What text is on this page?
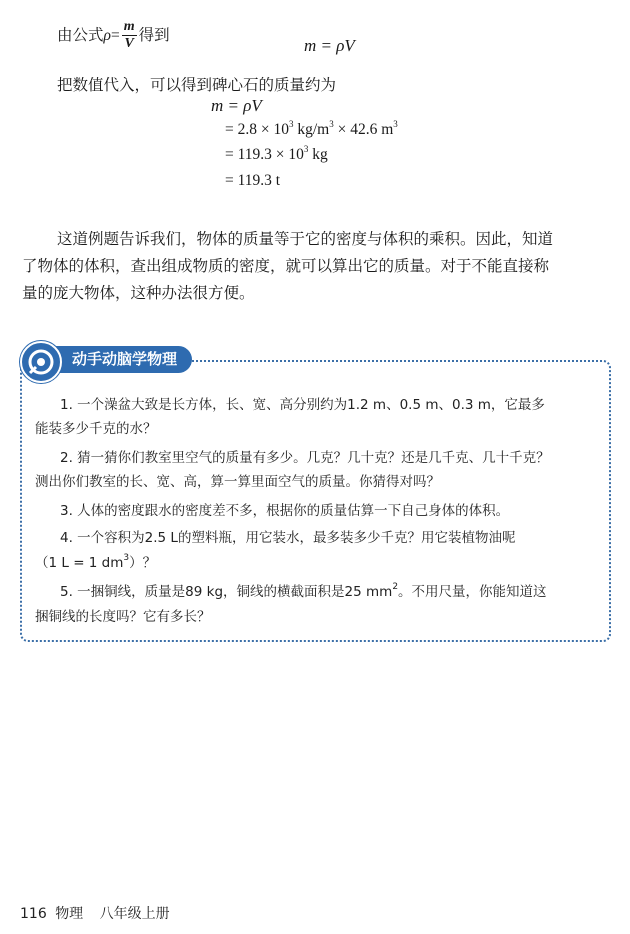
由公式$\rho= \frac{m}{V}$ 得到
m = ρV
把数值代入，可以得到碑心石的质量约为
m = ρV
= $2.8 \times 10^3$ $kg/m^3 \times 42.6$ $m^3$
= $119.3 \times 10^3$ kg
= 119.3 t
这道例题告诉我们，物体的质量等于它的密度与体积的乘积。因此，知道
了物体的体积，查出组成物质的密度，就可以算出它的质量。对于不能直接称
量的庞大物体，这种办法很方便。
动手动脑学物理
1. 一个澡盆大致是长方体，长、宽、高分别约为1.2 m、0.5 m、0.3 m，它最多
能装多少千克的水？
2. 猜一猜你们教室里空气的质量有多少。几克？几十克？还是几千克、几十千克？
测出你们教室的长、宽、高，算一算里面空气的质量。你猜得对吗？
3. 人体的密度跟水的密度差不多，根据你的质量估算一下自己身体的体积。
4. 一个容积为2.5 L的塑料瓶，用它装水，最多装多少千克？用它装植物油呢
（1 L = 1 $dm^3$）？
5. 一捆铜线，质量是89 kg，铜线的横截面积是25 $mm^2$。不用尺量，你能知道这
捆铜线的长度吗？它有多长？
116 物理 八年级上册
